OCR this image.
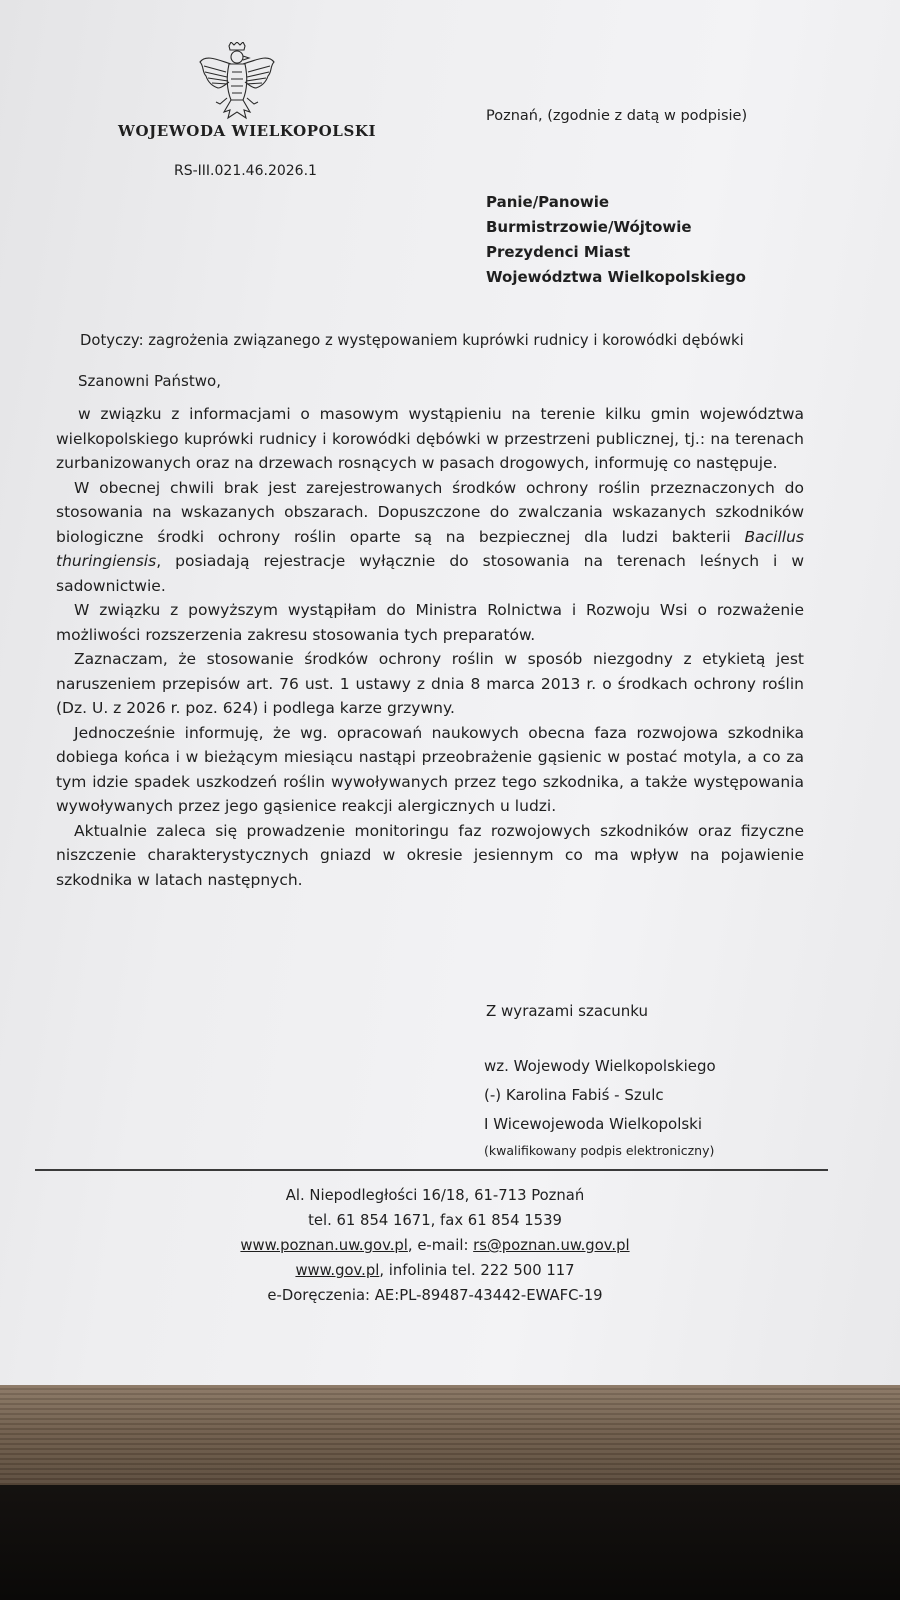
WOJEWODA WIELKOPOLSKI
RS-III.021.46.2026.1
Poznań, (zgodnie z datą w podpisie)
Panie/Panowie
Burmistrzowie/Wójtowie
Prezydenci Miast
Województwa Wielkopolskiego
Dotyczy: zagrożenia związanego z występowaniem kuprówki rudnicy i korowódki dębówki
Szanowni Państwo,

w związku z informacjami o masowym wystąpieniu na terenie kilku gmin województwa wielkopolskiego kuprówki rudnicy i korowódki dębówki w przestrzeni publicznej, tj.: na terenach zurbanizowanych oraz na drzewach rosnących w pasach drogowych, informuję co następuje.

W obecnej chwili brak jest zarejestrowanych środków ochrony roślin przeznaczonych do stosowania na wskazanych obszarach. Dopuszczone do zwalczania wskazanych szkodników biologiczne środki ochrony roślin oparte są na bezpiecznej dla ludzi bakterii Bacillus thuringiensis, posiadają rejestracje wyłącznie do stosowania na terenach leśnych i w sadownictwie.

W związku z powyższym wystąpiłam do Ministra Rolnictwa i Rozwoju Wsi o rozważenie możliwości rozszerzenia zakresu stosowania tych preparatów.

Zaznaczam, że stosowanie środków ochrony roślin w sposób niezgodny z etykietą jest naruszeniem przepisów art. 76 ust. 1 ustawy z dnia 8 marca 2013 r. o środkach ochrony roślin (Dz. U. z 2026 r. poz. 624) i podlega karze grzywny.

Jednocześnie informuję, że wg. opracowań naukowych obecna faza rozwojowa szkodnika dobiega końca i w bieżącym miesiącu nastąpi przeobrażenie gąsienic w postać motyla, a co za tym idzie spadek uszkodzeń roślin wywoływanych przez tego szkodnika, a także występowania wywoływanych przez jego gąsienice reakcji alergicznych u ludzi.

Aktualnie zaleca się prowadzenie monitoringu faz rozwojowych szkodników oraz fizyczne niszczenie charakterystycznych gniazd w okresie jesiennym co ma wpływ na pojawienie szkodnika w latach następnych.

Z wyrazami szacunku
wz. Wojewody Wielkopolskiego
(-) Karolina Fabiś - Szulc
I Wicewojewoda Wielkopolski
(kwalifikowany podpis elektroniczny)
Al. Niepodległości 16/18, 61-713 Poznań
tel. 61 854 1671, fax 61 854 1539
www.poznan.uw.gov.pl, e-mail: rs@poznan.uw.gov.pl
www.gov.pl, infolinia tel. 222 500 117
e-Doręczenia: AE:PL-89487-43442-EWAFC-19
